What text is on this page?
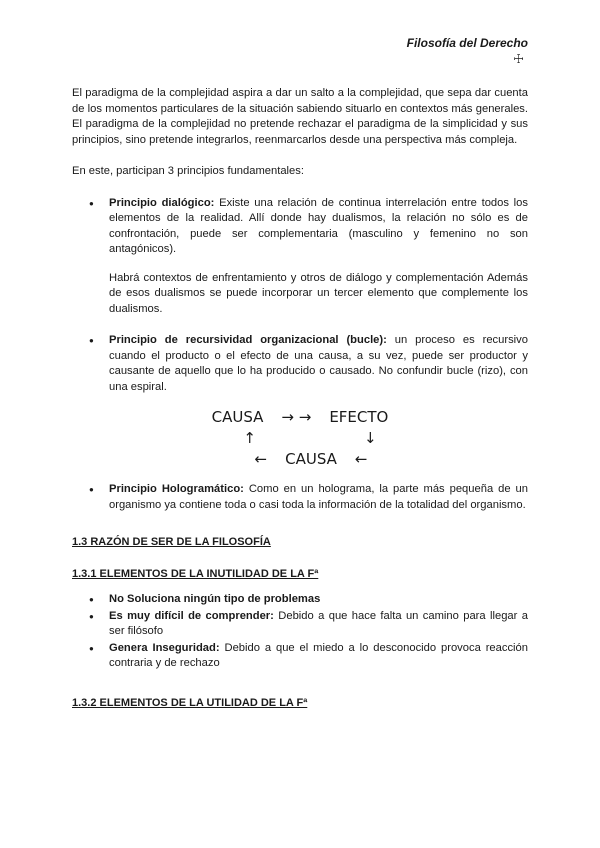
Filosofía del Derecho
☩

El paradigma de la complejidad aspira a dar un salto a la complejidad, que sepa dar cuenta de los momentos particulares de la situación sabiendo situarlo en contextos más generales. El paradigma de la complejidad no pretende rechazar el paradigma de la simplicidad y sus principios, sino pretende integrarlos, reenmarcarlos desde una perspectiva más compleja.

En este, participan 3 principios fundamentales:

● Principio dialógico: Existe una relación de continua interrelación entre todos los elementos de la realidad. Allí donde hay dualismos, la relación no sólo es de confrontación, puede ser complementaria (masculino y femenino no son antagónicos).

Habrá contextos de enfrentamiento y otros de diálogo y complementación Además de esos dualismos se puede incorporar un tercer elemento que complemente los dualismos.

● Principio de recursividad organizacional (bucle): un proceso es recursivo cuando el producto o el efecto de una causa, a su vez, puede ser productor y causante de aquello que lo ha producido o causado. No confundir bucle (rizo), con una espiral.
CAUSA → → EFECTO
↑	↓
← CAUSA ←
● Principio Hologramático: Como en un holograma, la parte más pequeña de un organismo ya contiene toda o casi toda la información de la totalidad del organismo.
1.3 RAZÓN DE SER DE LA FILOSOFÍA
1.3.1 ELEMENTOS DE LA INUTILIDAD DE LA Fª
● No Soluciona ningún tipo de problemas
● Es muy difícil de comprender: Debido a que hace falta un camino para llegar a ser filósofo
● Genera Inseguridad: Debido a que el miedo a lo desconocido provoca reacción contraria y de rechazo
1.3.2 ELEMENTOS DE LA UTILIDAD DE LA Fª
